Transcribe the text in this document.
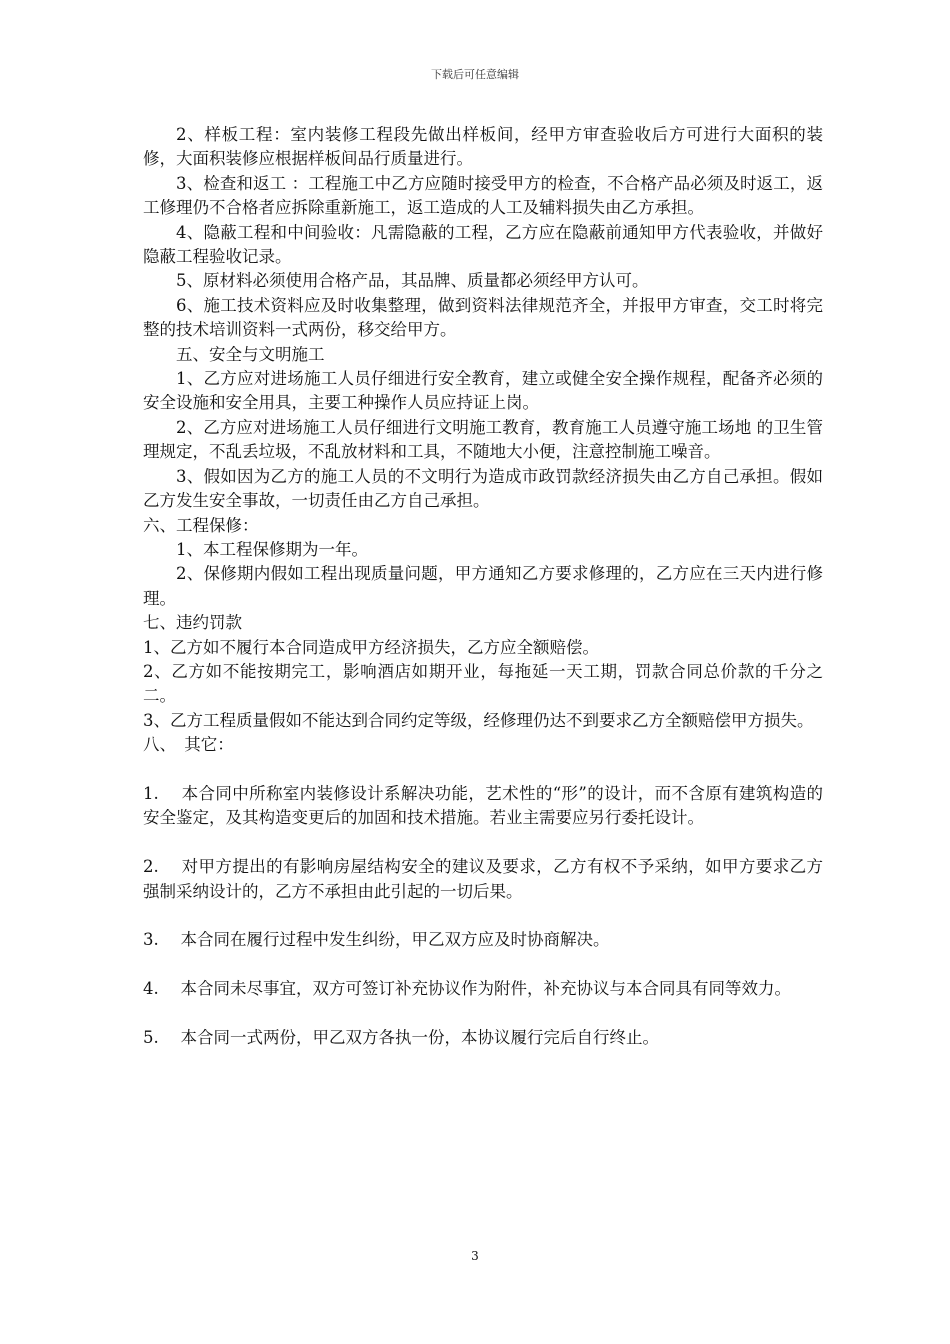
下载后可任意编辑

2、样板工程：室内装修工程段先做出样板间，经甲方审查验收后方可进行大面积的装修，大面积装修应根据样板间品行质量进行。

3、检查和返工 ：工程施工中乙方应随时接受甲方的检查，不合格产品必须及时返工，返工修理仍不合格者应拆除重新施工，返工造成的人工及辅料损失由乙方承担。

4、隐蔽工程和中间验收：凡需隐蔽的工程，乙方应在隐蔽前通知甲方代表验收，并做好隐蔽工程验收记录。

5、原材料必须使用合格产品，其品牌、质量都必须经甲方认可。

6、施工技术资料应及时收集整理，做到资料法律规范齐全，并报甲方审查，交工时将完整的技术培训资料一式两份，移交给甲方。

五、安全与文明施工

1、乙方应对进场施工人员仔细进行安全教育，建立或健全安全操作规程，配备齐必须的安全设施和安全用具，主要工种操作人员应持证上岗。

2、乙方应对进场施工人员仔细进行文明施工教育，教育施工人员遵守施工场地 的卫生管理规定，不乱丢垃圾，不乱放材料和工具，不随地大小便，注意控制施工噪音。

3、假如因为乙方的施工人员的不文明行为造成市政罚款经济损失由乙方自己承担。假如乙方发生安全事故，一切责任由乙方自己承担。

六、工程保修：

1、本工程保修期为一年。

2、保修期内假如工程出现质量问题，甲方通知乙方要求修理的，乙方应在三天内进行修理。

七、违约罚款

1、乙方如不履行本合同造成甲方经济损失，乙方应全额赔偿。

2、乙方如不能按期完工，影响酒店如期开业，每拖延一天工期，罚款合同总价款的千分之二。

3、乙方工程质量假如不能达到合同约定等级，经修理仍达不到要求乙方全额赔偿甲方损失。

八、　其它：

1.　 本合同中所称室内装修设计系解决功能，艺术性的“形”的设计，而不含原有建筑构造的安全鉴定，及其构造变更后的加固和技术措施。若业主需要应另行委托设计。

2.　 对甲方提出的有影响房屋结构安全的建议及要求，乙方有权不予采纳，如甲方要求乙方强制采纳设计的，乙方不承担由此引起的一切后果。

3.　 本合同在履行过程中发生纠纷，甲乙双方应及时协商解决。

4.　 本合同未尽事宜，双方可签订补充协议作为附件，补充协议与本合同具有同等效力。

5.　 本合同一式两份，甲乙双方各执一份，本协议履行完后自行终止。

3
